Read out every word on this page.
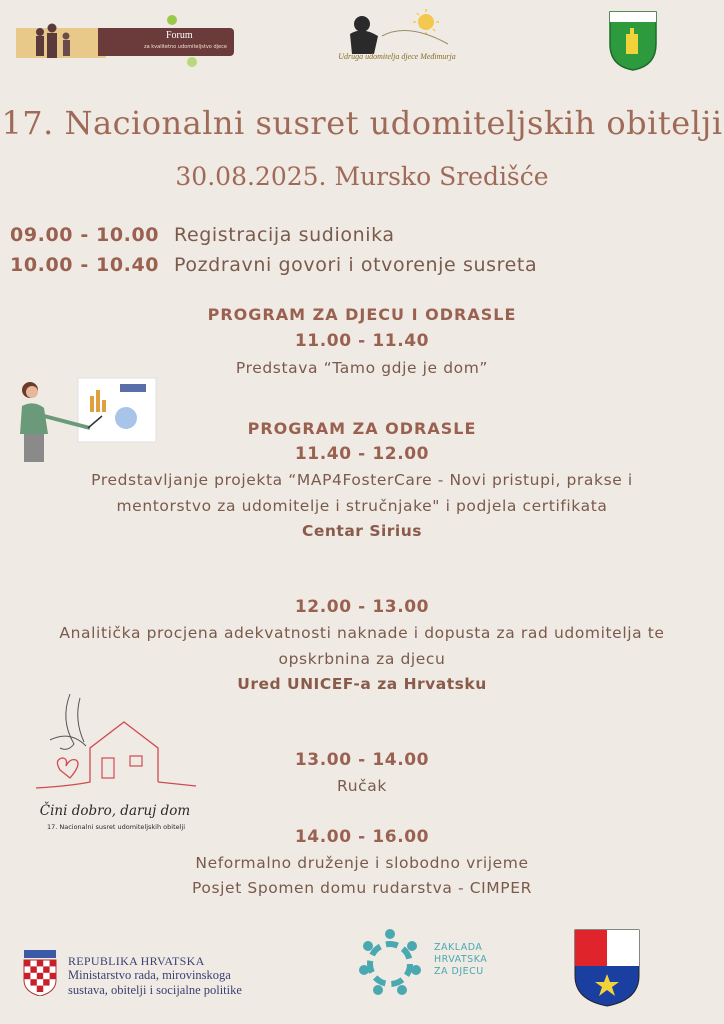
Forum
za kvalitetno udomiteljstvo djece
Udruga udomitelja djece Međimurja
17. Nacionalni susret udomiteljskih obitelji
30.08.2025. Mursko Središće
09.00 - 10.00 Registracija sudionika
10.00 - 10.40 Pozdravni govori i otvorenje susreta
PROGRAM ZA DJECU I ODRASLE
11.00 - 11.40
Predstava “Tamo gdje je dom”
PROGRAM ZA ODRASLE
11.40 - 12.00
Predstavljanje projekta “MAP4FosterCare - Novi pristupi, prakse i
mentorstvo za udomitelje i stručnjake" i podjela certifikata
Centar Sirius
12.00 - 13.00
Analitička procjena adekvatnosti naknade i dopusta za rad udomitelja te
opskrbnina za djecu
Ured UNICEF-a za Hrvatsku
Čini dobro, daruj dom
17. Nacionalni susret udomiteljskih obitelji
13.00 - 14.00
Ručak
14.00 - 16.00
Neformalno druženje i slobodno vrijeme
Posjet Spomen domu rudarstva - CIMPER
REPUBLIKA HRVATSKA
Ministarstvo rada, mirovinskoga
sustava, obitelji i socijalne politike
ZAKLADA
HRVATSKA
ZA DJECU
